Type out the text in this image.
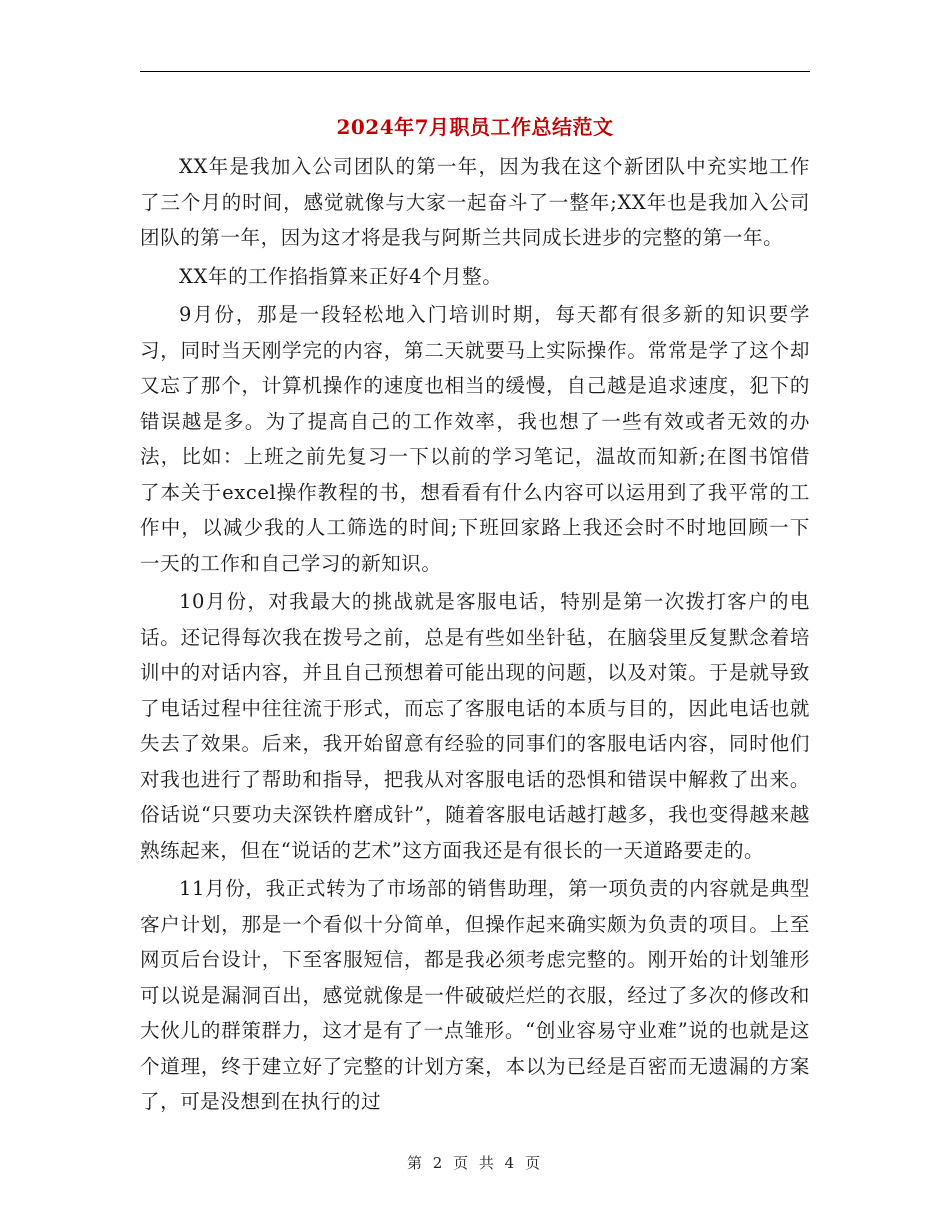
2024年7月职员工作总结范文

XX年是我加入公司团队的第一年，因为我在这个新团队中充实地工作了三个月的时间，感觉就像与大家一起奋斗了一整年;XX年也是我加入公司团队的第一年，因为这才将是我与阿斯兰共同成长进步的完整的第一年。

XX年的工作掐指算来正好4个月整。

9月份，那是一段轻松地入门培训时期，每天都有很多新的知识要学习，同时当天刚学完的内容，第二天就要马上实际操作。常常是学了这个却又忘了那个，计算机操作的速度也相当的缓慢，自己越是追求速度，犯下的错误越是多。为了提高自己的工作效率，我也想了一些有效或者无效的办法，比如：上班之前先复习一下以前的学习笔记，温故而知新;在图书馆借了本关于excel操作教程的书，想看看有什么内容可以运用到了我平常的工作中，以减少我的人工筛选的时间;下班回家路上我还会时不时地回顾一下一天的工作和自己学习的新知识。

10月份，对我最大的挑战就是客服电话，特别是第一次拨打客户的电话。还记得每次我在拨号之前，总是有些如坐针毡，在脑袋里反复默念着培训中的对话内容，并且自己预想着可能出现的问题，以及对策。于是就导致了电话过程中往往流于形式，而忘了客服电话的本质与目的，因此电话也就失去了效果。后来，我开始留意有经验的同事们的客服电话内容，同时他们对我也进行了帮助和指导，把我从对客服电话的恐惧和错误中解救了出来。俗话说“只要功夫深铁杵磨成针”，随着客服电话越打越多，我也变得越来越熟练起来，但在“说话的艺术”这方面我还是有很长的一天道路要走的。

11月份，我正式转为了市场部的销售助理，第一项负责的内容就是典型客户计划，那是一个看似十分简单，但操作起来确实颇为负责的项目。上至网页后台设计，下至客服短信，都是我必须考虑完整的。刚开始的计划雏形可以说是漏洞百出，感觉就像是一件破破烂烂的衣服，经过了多次的修改和大伙儿的群策群力，这才是有了一点雏形。“创业容易守业难”说的也就是这个道理，终于建立好了完整的计划方案，本以为已经是百密而无遗漏的方案了，可是没想到在执行的过

第 2 页 共 4 页
